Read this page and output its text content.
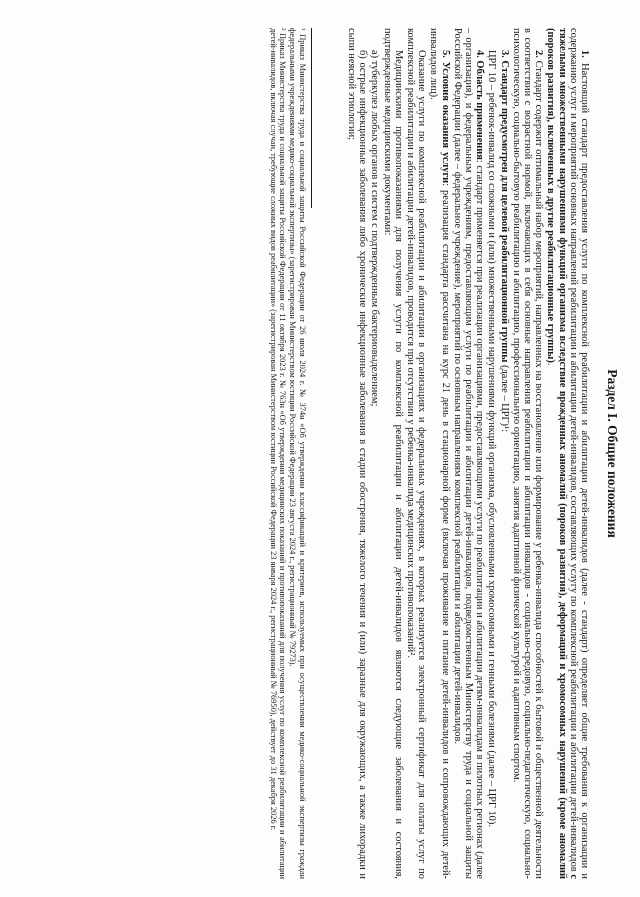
Раздел I. Общие положения
1. Настоящий стандарт предоставления услуги по комплексной реабилитации и абилитации детей-инвалидов (далее - стандарт) определяет общие требования к организации и содержанию услуг и мероприятий основных направлений реабилитации и абилитации детей-инвалидов, составляющих услугу по комплексной реабилитации и абилитации детей-инвалидов с тяжелыми множественными нарушениями функций организма вследствие врожденных аномалий (пороков развития), деформаций и хромосомных нарушений (кроме аномалий (пороков развития), включенных в другие реабилитационные группы).
2. Стандарт содержит оптимальный набор мероприятий, направленных на восстановление или формирование у ребенка-инвалида способностей к бытовой и общественной деятельности в соответствии с возрастной нормой, включающих в себя основные направления реабилитации и абилитации инвалидов - социально-средовую, социально-педагогическую, социально-психологическую, социально-бытовую реабилитацию и абилитацию, профессиональную ориентацию, занятия адаптивной физической культурой и адаптивным спортом.
3. Стандарт предусмотрен для целевой реабилитационной группы (далее – ЦРГ)¹:
ЦРГ 10 – ребенок-инвалид со сложными и (или) множественными нарушениями функций организма, обусловленными хромосомными и генными болезнями (далее – ЦРГ 10).
4. Область применения: стандарт применяется при реализации организациями, предоставляющими услуги по реабилитации и абилитации детям-инвалидам в пилотных регионах (далее – организация), и федеральным учреждениям, предоставляющим услуги по реабилитации и абилитации детей-инвалидов, подведомственным Министерству труда и социальной защиты Российской Федерации (далее – федеральное учреждение), мероприятий по основным направлениям комплексной реабилитации и абилитации детей-инвалидов.
5. Условия оказания услуги: реализация стандарта рассчитана на курс 21 день в стационарной форме (включая проживание и питание детей-инвалидов и сопровождающих детей-инвалидов лиц).
Оказание услуги по комплексной реабилитации и абилитации в организациях и федеральных учреждениях, в которых реализуется электронный сертификат для оплаты услуг по комплексной реабилитации и абилитации детей-инвалидов, проводится при отсутствии у ребенка-инвалида медицинских противопоказаний².
Медицинскими противопоказаниями для получения услуги по комплексной реабилитации и абилитации детей-инвалидов являются следующие заболевания и состояния, подтвержденные медицинскими документами:
а) туберкулез любых органов и систем с подтвержденным бактериовыделением;
б) острые инфекционные заболевания либо хронические инфекционные заболевания в стадии обострения, тяжелого течения и (или) заразные для окружающих, а также лихорадки и сыпи неясной этиологии;
¹ Приказ Министерства труда и социальной защиты Российской Федерации от 26 июля 2024 г. № 374н «Об утверждении классификаций и критериев, используемых при осуществлении медико-социальной экспертизы граждан федеральными учреждениями медико-социальной экспертизы» (зарегистрирован Министерством юстиции Российской Федерации 23 августа 2024 г., регистрационный № 79273).
² Приказ Министерства труда и социальной защиты Российской Федерации от 11 октября 2023 г. № 763н «Об утверждении медицинских показаний и противопоказаний для получения услуг по комплексной реабилитации и абилитации детей-инвалидов, включая случаи, требующие сложных видов реабилитации» (зарегистрирован Министерством юстиции Российской Федерации 23 января 2024 г., регистрационный № 76950), действует до 31 декабря 2026 г.
